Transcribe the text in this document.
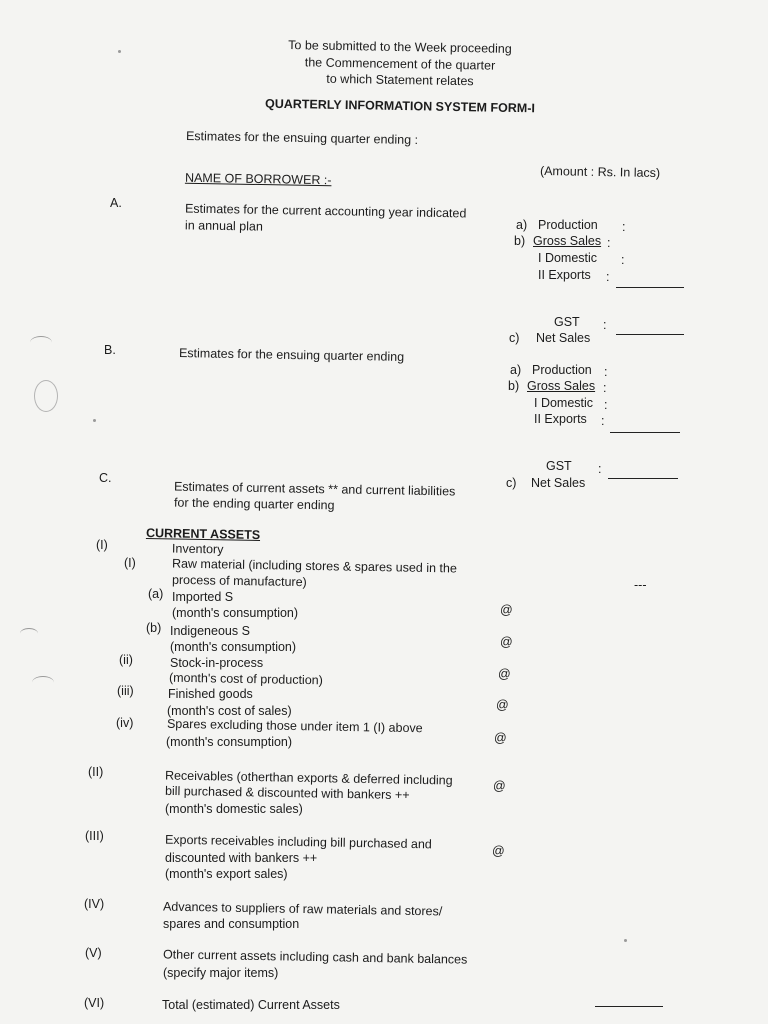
To be submitted to the Week proceeding
the Commencement of the quarter
to which Statement relates
QUARTERLY INFORMATION SYSTEM FORM-I
Estimates for the ensuing quarter ending :
(Amount : Rs. In lacs)
NAME OF BORROWER :-
A.	Estimates for the current accounting year indicated
in annual plan	a) Production :
b) Gross Sales :
I Domestic :
II Exports :
GST :
c) Net Sales
B.	Estimates for the ensuing quarter ending
a) Production :
b) Gross Sales :
I Domestic :
II Exports :
GST :
c) Net Sales
C.
Estimates of current assets ** and current liabilities
for the ending quarter ending
CURRENT ASSETS
(I)	Inventory
(I)	Raw material (including stores & spares used in the
process of manufacture)	---
(a) Imported S
(month's consumption)	@
(b) Indigeneous S
(month's consumption)	@
(ii)	Stock-in-process
(month's cost of production)	@
(iii)	Finished goods
(month's cost of sales)	@
(iv)	Spares excluding those under item 1 (I) above
(month's consumption)	@
(II)	Receivables (otherthan exports & deferred including
bill purchased & discounted with bankers ++
(month's domestic sales)
@
(III)	Exports receivables including bill purchased and
discounted with bankers ++
(month's export sales)
@
(IV)	Advances to suppliers of raw materials and stores/
spares and consumption
(V)	Other current assets including cash and bank balances
(specify major items)
(VI)	Total (estimated) Current Assets
